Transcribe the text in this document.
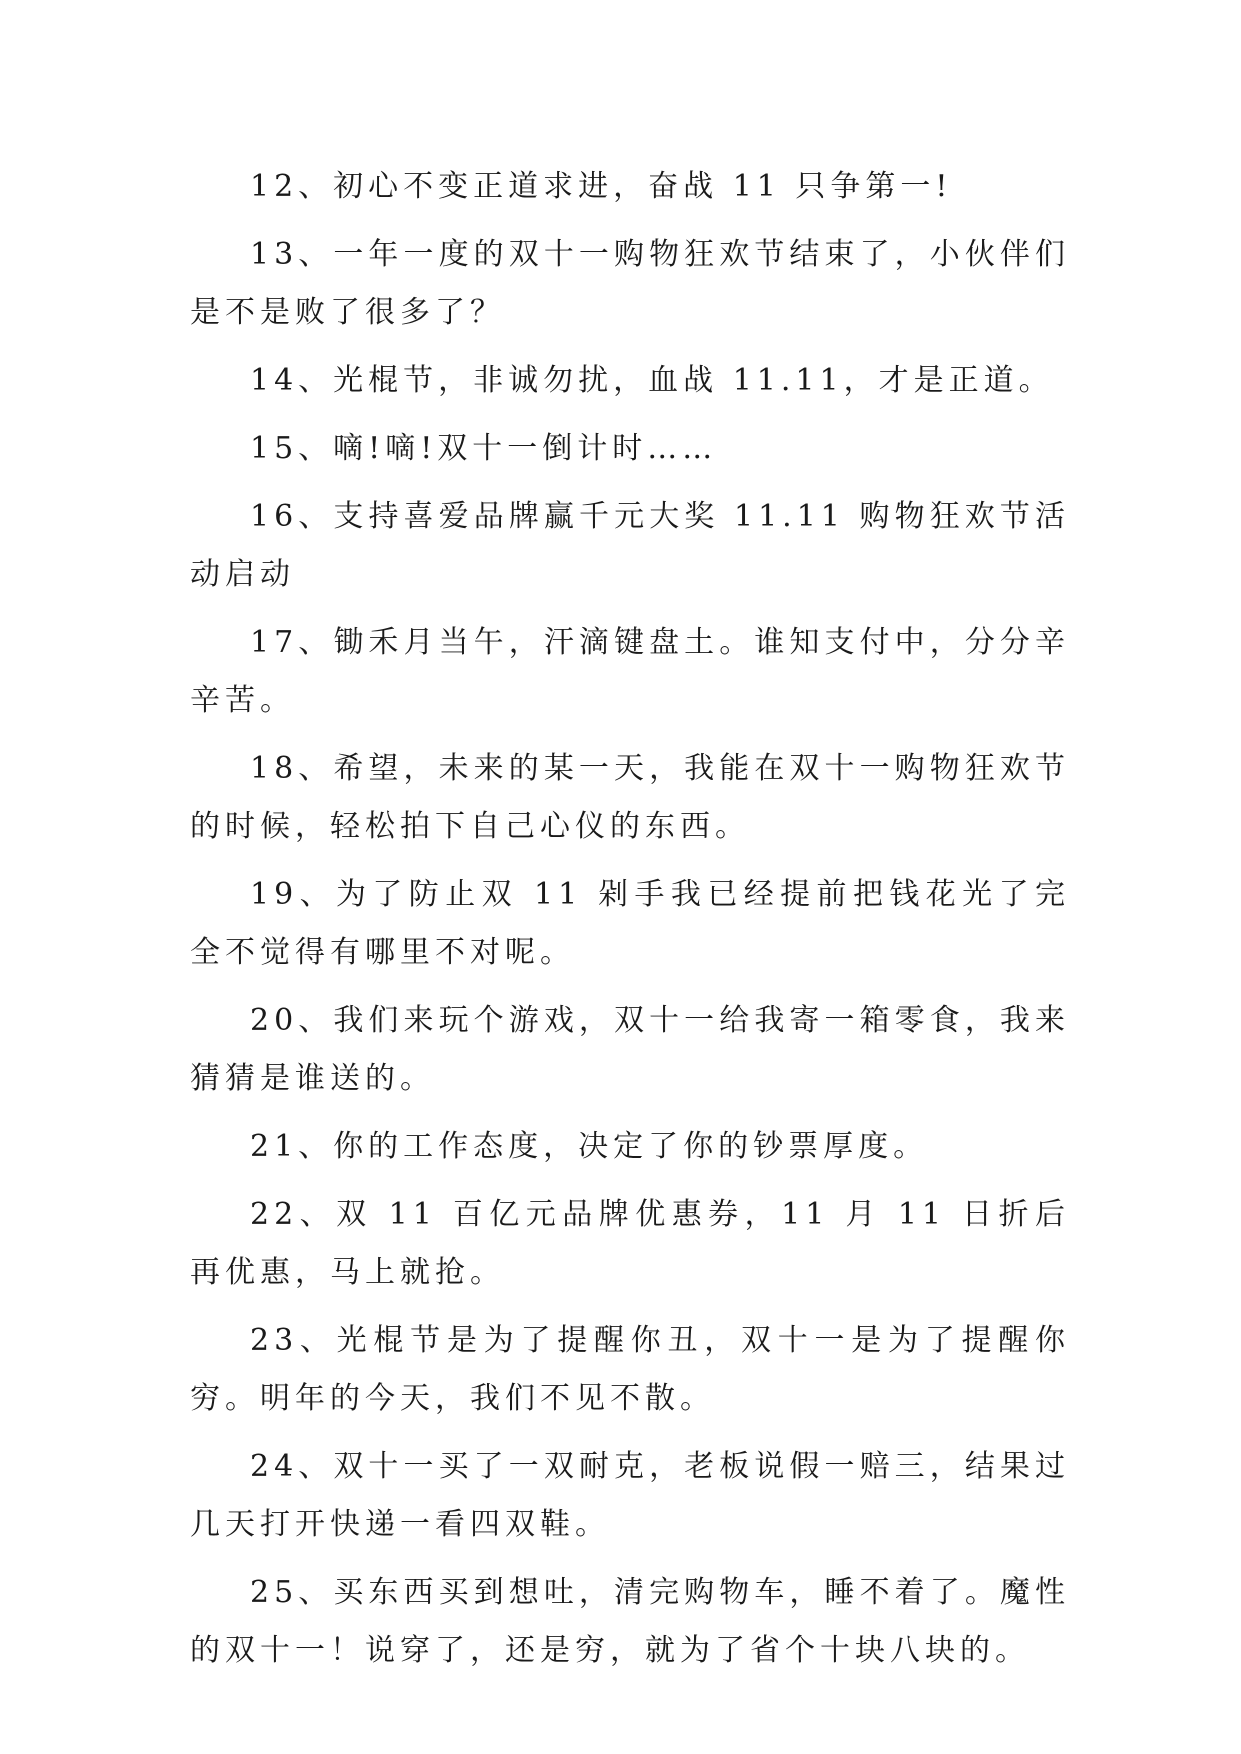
12、初心不变正道求进，奋战 11 只争第一!

13、一年一度的双十一购物狂欢节结束了，小伙伴们是不是败了很多了？

14、光棍节，非诚勿扰，血战 11.11，才是正道。

15、嘀!嘀!双十一倒计时……

16、支持喜爱品牌赢千元大奖 11.11 购物狂欢节活动启动

17、锄禾月当午，汗滴键盘土。谁知支付中，分分辛辛苦。

18、希望，未来的某一天，我能在双十一购物狂欢节的时候，轻松拍下自己心仪的东西。

19、为了防止双 11 剁手我已经提前把钱花光了完全不觉得有哪里不对呢。

20、我们来玩个游戏，双十一给我寄一箱零食，我来猜猜是谁送的。

21、你的工作态度，决定了你的钞票厚度。

22、双 11 百亿元品牌优惠券，11 月 11 日折后再优惠，马上就抢。

23、光棍节是为了提醒你丑，双十一是为了提醒你穷。明年的今天，我们不见不散。

24、双十一买了一双耐克，老板说假一赔三，结果过几天打开快递一看四双鞋。

25、买东西买到想吐，清完购物车，睡不着了。魔性的双十一！说穿了，还是穷，就为了省个十块八块的。
